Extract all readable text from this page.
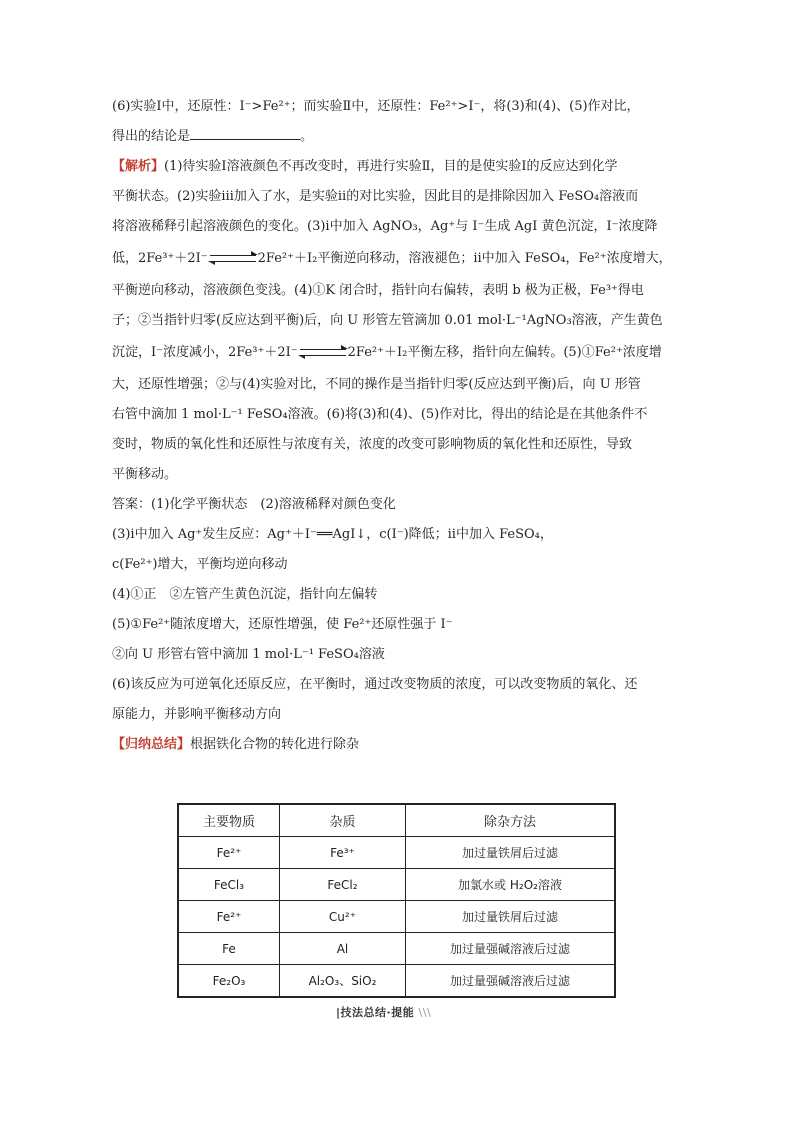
(6)实验Ⅰ中，还原性：I⁻>Fe²⁺；而实验Ⅱ中，还原性：Fe²⁺>I⁻，将(3)和(4)、(5)作对比，
得出的结论是	。
【解析】(1)待实验Ⅰ溶液颜色不再改变时，再进行实验Ⅱ，目的是使实验Ⅰ的反应达到化学
平衡状态。(2)实验ⅲ加入了水，是实验ⅱ的对比实验，因此目的是排除因加入 FeSO₄溶液而
将溶液稀释引起溶液颜色的变化。(3)ⅰ中加入 AgNO₃，Ag⁺与 I⁻生成 AgI 黄色沉淀，I⁻浓度降
低，2Fe³⁺＋2I⁻⇌2Fe²⁺＋I₂平衡逆向移动，溶液褪色；ⅱ中加入 FeSO₄，Fe²⁺浓度增大，
平衡逆向移动，溶液颜色变浅。(4)①K 闭合时，指针向右偏转，表明 b 极为正极，Fe³⁺得电
子；②当指针归零(反应达到平衡)后，向 U 形管左管滴加 0.01 mol·L⁻¹AgNO₃溶液，产生黄色
沉淀，I⁻浓度减小，2Fe³⁺＋2I⁻⇌2Fe²⁺＋I₂平衡左移，指针向左偏转。(5)①Fe²⁺浓度增
大，还原性增强；②与(4)实验对比，不同的操作是当指针归零(反应达到平衡)后，向 U 形管
右管中滴加 1 mol·L⁻¹ FeSO₄溶液。(6)将(3)和(4)、(5)作对比，得出的结论是在其他条件不
变时，物质的氧化性和还原性与浓度有关，浓度的改变可影响物质的氧化性和还原性，导致
平衡移动。
答案：(1)化学平衡状态　(2)溶液稀释对颜色变化
(3)ⅰ中加入 Ag⁺发生反应：Ag⁺＋I⁻══AgI↓，c(I⁻)降低；ⅱ中加入 FeSO₄，
c(Fe²⁺)增大，平衡均逆向移动
(4)①正　②左管产生黄色沉淀，指针向左偏转
(5)①Fe²⁺随浓度增大，还原性增强，使 Fe²⁺还原性强于 I⁻
②向 U 形管右管中滴加 1 mol·L⁻¹ FeSO₄溶液
(6)该反应为可逆氧化还原反应，在平衡时，通过改变物质的浓度，可以改变物质的氧化、还
原能力，并影响平衡移动方向
【归纳总结】根据铁化合物的转化进行除杂
主要物质	杂质	除杂方法
Fe²⁺	Fe³⁺	加过量铁屑后过滤
FeCl₃	FeCl₂	加氯水或 H₂O₂溶液
Fe²⁺	Cu²⁺	加过量铁屑后过滤
Fe	Al	加过量强碱溶液后过滤
Fe₂O₃	Al₂O₃、SiO₂	加过量强碱溶液后过滤
|技法总结·提能 \\\
